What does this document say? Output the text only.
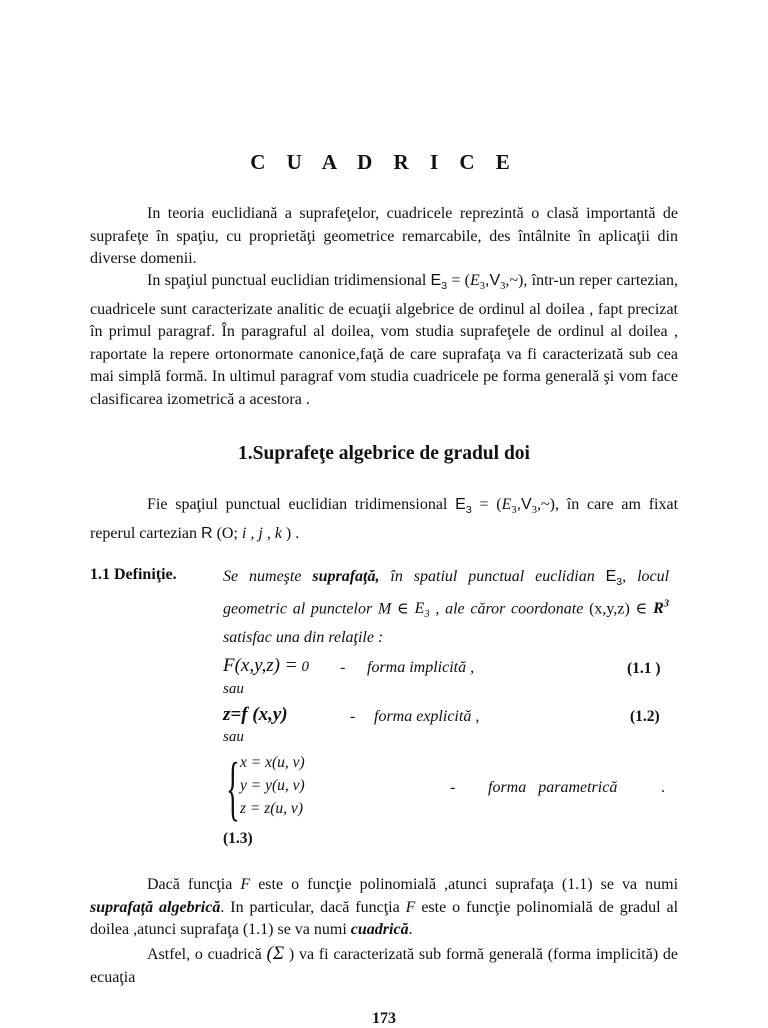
C U A D R I C E
In teoria euclidiană a suprafeţelor, cuadricele reprezintă o clasă importantă de suprafeţe în spaţiu, cu proprietăţi geometrice remarcabile, des întâlnite în aplicaţii din diverse domenii.
In spaţiul punctual euclidian tridimensional $E_3$ = $(E_3,V_3,\sim)$, într-un reper cartezian, cuadricele sunt caracterizate analitic de ecuaţii algebrice de ordinul al doilea , fapt precizat în primul paragraf. În paragraful al doilea, vom studia suprafeţele de ordinul al doilea , raportate la repere ortonormate canonice,faţă de care suprafaţa va fi caracterizată sub cea mai simplă formă. In ultimul paragraf vom studia cuadricele pe forma generală şi vom face clasificarea izometrică a acestora .
1.Suprafeţe algebrice de gradul doi
Fie spaţiul punctual euclidian tridimensional $E_3$ = $(E_3,V_3,\sim)$, în care am fixat reperul cartezian R (O; i , j , k ) .
1.1 Definiţie.	Se numeşte suprafaţă, în spatiul punctual euclidian $E_3$, locul geometric al punctelor M ∈ $E_3$ , ale căror coordonate (x,y,z) ∈ $R^3$ satisfac una din relaţile :
F(x,y,z) = 0 - forma implicită ,	(1.1 )
sau
z=f (x,y)	- forma explicită ,	(1.2)
sau
{ x = x(u, v)
y = y(u, v)
z = z(u, v)
- forma parametrică	.
(1.3)
Dacă funcţia F este o funcţie polinomială ,atunci suprafaţa (1.1) se va numi suprafaţă algebrică. In particular, dacă funcţia F este o funcţie polinomială de gradul al doilea ,atunci suprafaţa (1.1) se va numi cuadrică.
Astfel, o cuadrică (Σ ) va fi caracterizată sub formă generală (forma implicită) de ecuaţia
173
